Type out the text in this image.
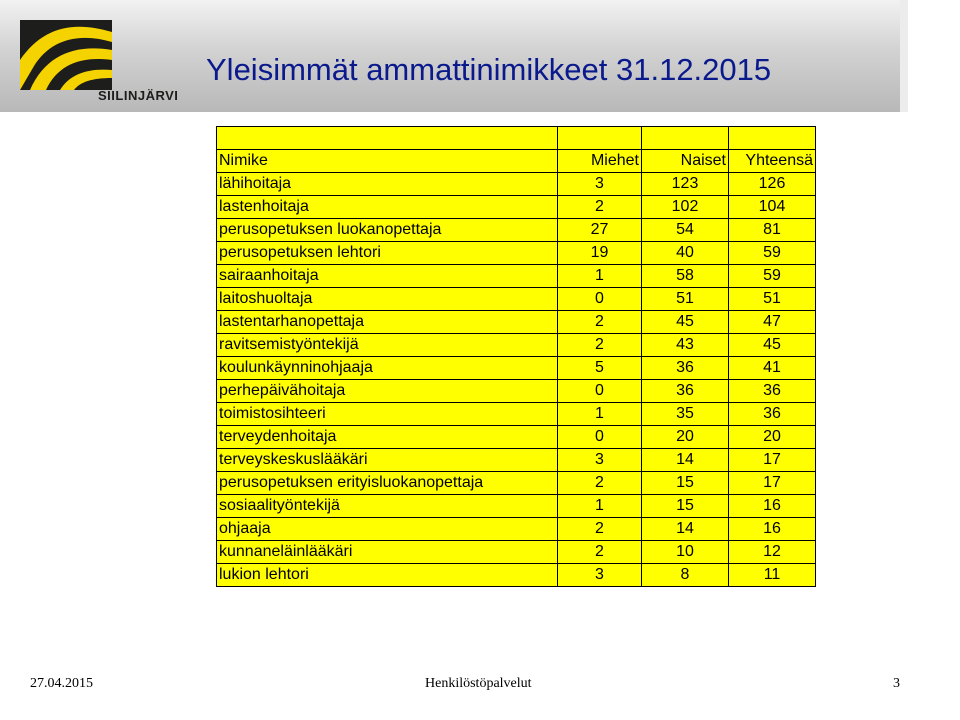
SIILINJÄRVI
Yleisimmät ammattinimikkeet 31.12.2015

Nimike	Miehet	Naiset	Yhteensä
lähihoitaja	3	123	126
lastenhoitaja	2	102	104
perusopetuksen luokanopettaja	27	54	81
perusopetuksen lehtori	19	40	59
sairaanhoitaja	1	58	59
laitoshuoltaja	0	51	51
lastentarhanopettaja	2	45	47
ravitsemistyöntekijä	2	43	45
koulunkäynninohjaaja	5	36	41
perhepäivähoitaja	0	36	36
toimistosihteeri	1	35	36
terveydenhoitaja	0	20	20
terveyskeskuslääkäri	3	14	17
perusopetuksen erityisluokanopettaja	2	15	17
sosiaalityöntekijä	1	15	16
ohjaaja	2	14	16
kunnaneläinlääkäri	2	10	12
lukion lehtori	3	8	11
27.04.2015	Henkilöstöpalvelut	3
